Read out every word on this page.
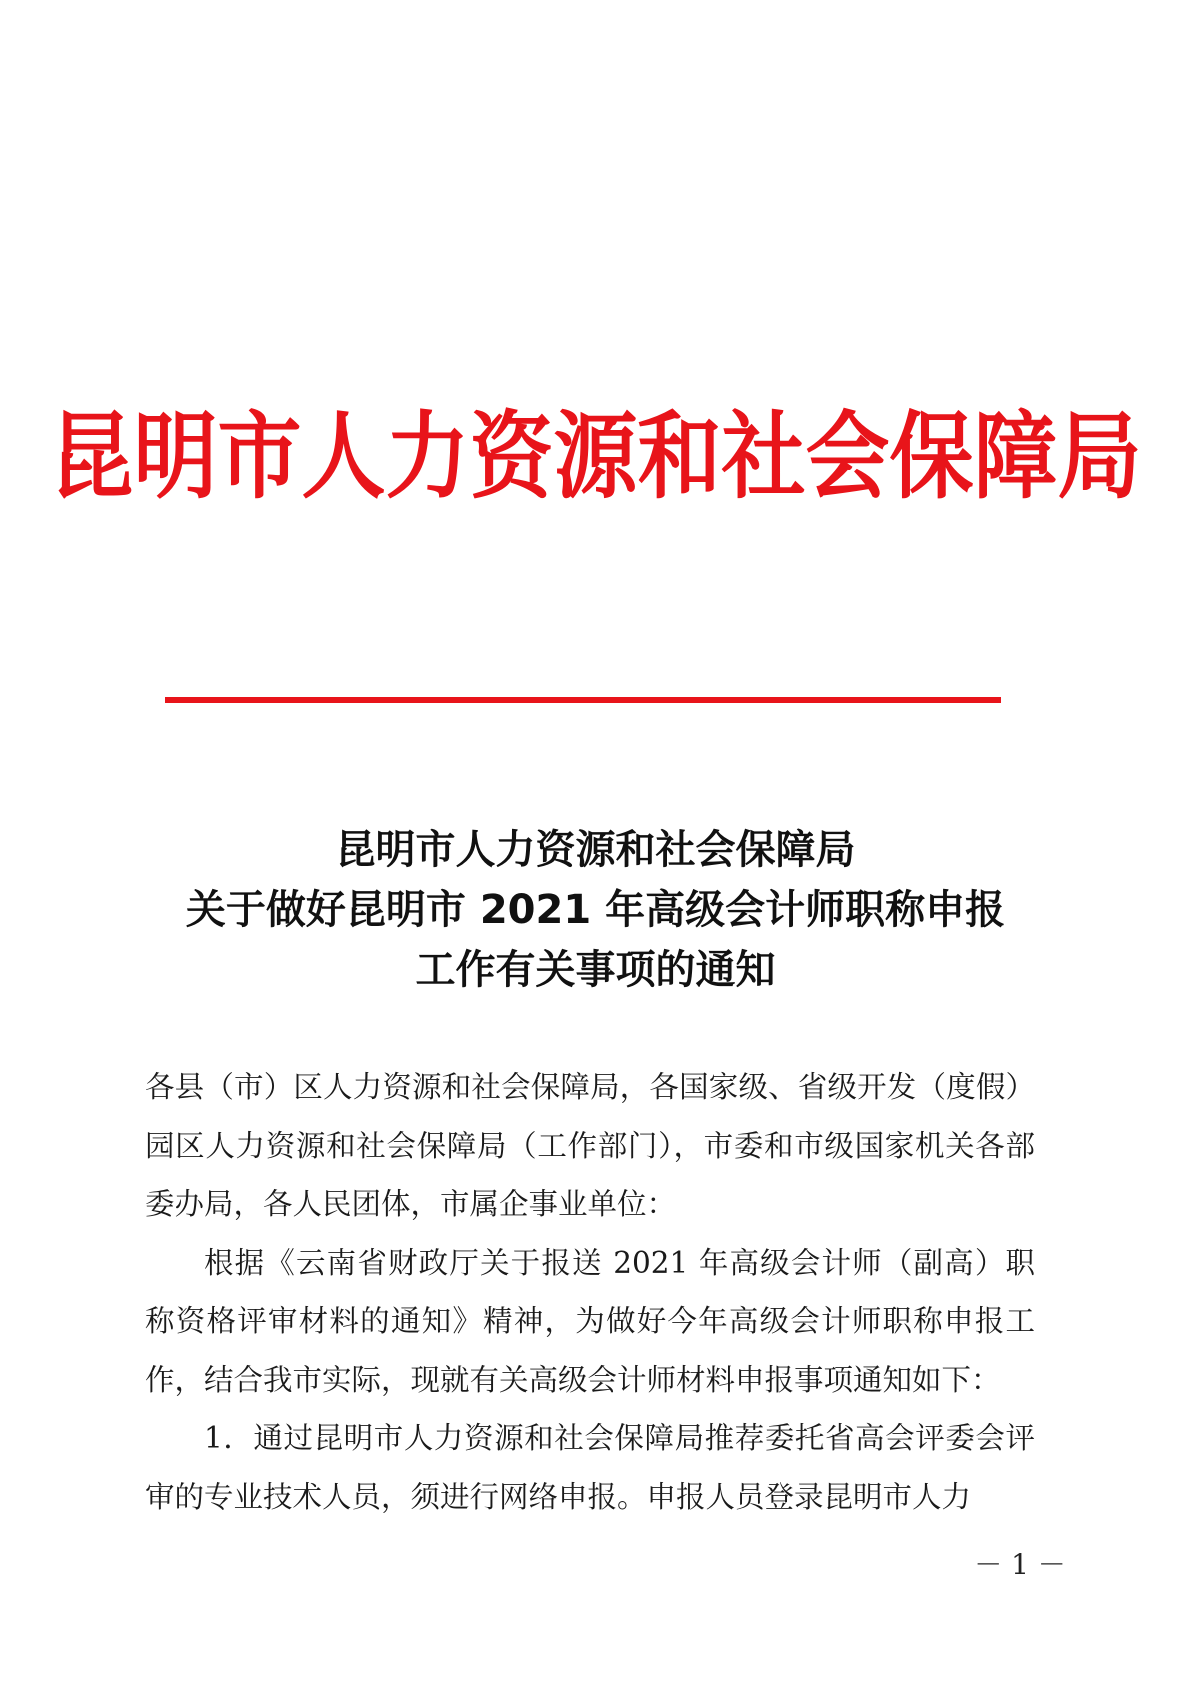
昆明市人力资源和社会保障局
昆明市人力资源和社会保障局
关于做好昆明市 2021 年高级会计师职称申报
工作有关事项的通知

各县（市）区人力资源和社会保障局，各国家级、省级开发（度假）园区人力资源和社会保障局（工作部门），市委和市级国家机关各部委办局，各人民团体，市属企事业单位：

根据《云南省财政厅关于报送 2021 年高级会计师（副高）职称资格评审材料的通知》精神，为做好今年高级会计师职称申报工作，结合我市实际，现就有关高级会计师材料申报事项通知如下：

1．通过昆明市人力资源和社会保障局推荐委托省高会评委会评审的专业技术人员，须进行网络申报。申报人员登录昆明市人力

－ 1 －
